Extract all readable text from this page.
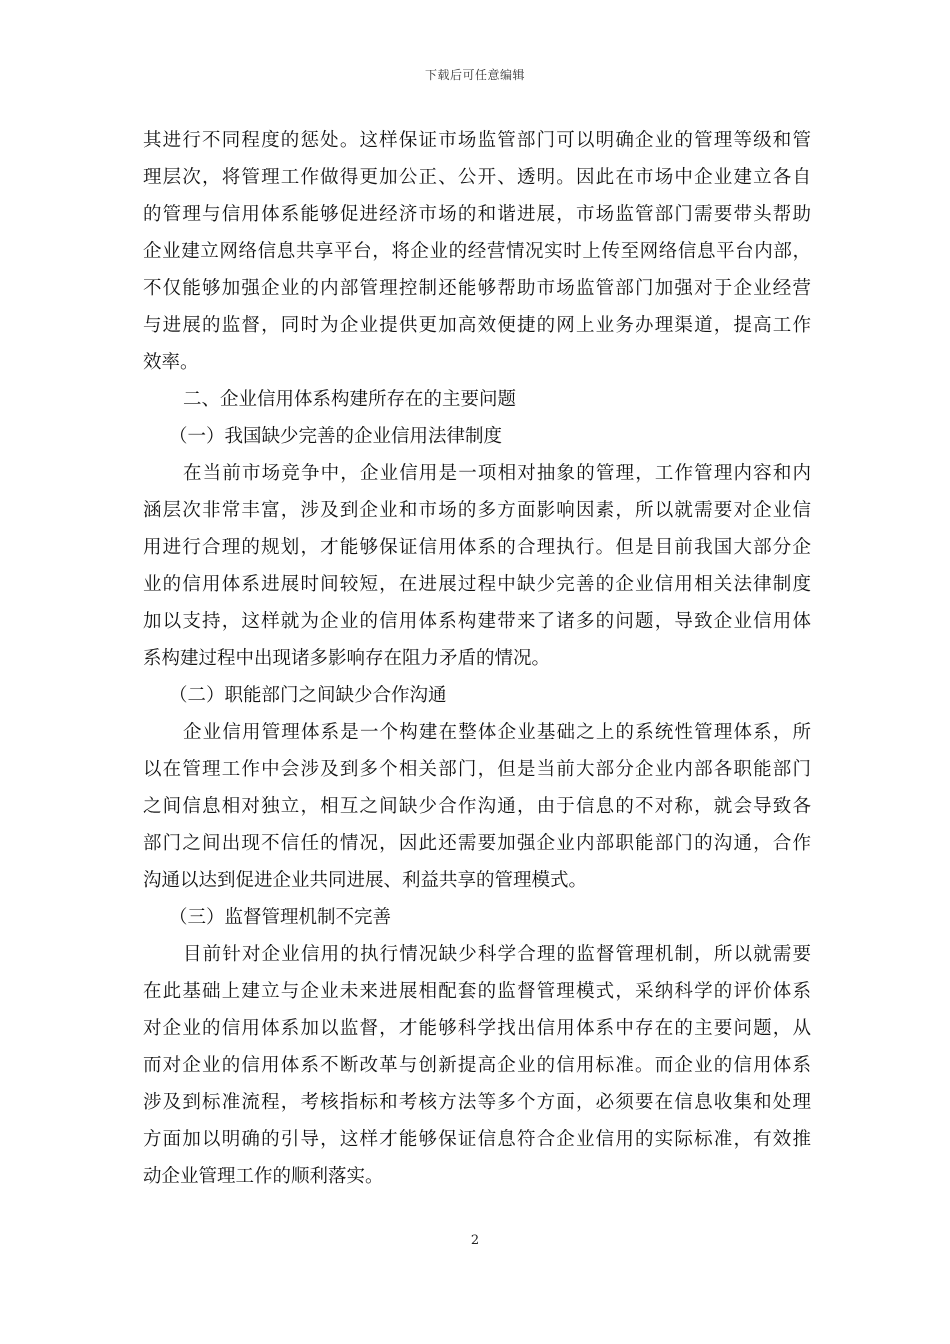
下载后可任意编辑
其进行不同程度的惩处。这样保证市场监管部门可以明确企业的管理等级和管
理层次，将管理工作做得更加公正、公开、透明。因此在市场中企业建立各自
的管理与信用体系能够促进经济市场的和谐进展，市场监管部门需要带头帮助
企业建立网络信息共享平台，将企业的经营情况实时上传至网络信息平台内部，
不仅能够加强企业的内部管理控制还能够帮助市场监管部门加强对于企业经营
与进展的监督，同时为企业提供更加高效便捷的网上业务办理渠道，提高工作
效率。
二、企业信用体系构建所存在的主要问题
（一）我国缺少完善的企业信用法律制度
在当前市场竞争中，企业信用是一项相对抽象的管理，工作管理内容和内
涵层次非常丰富，涉及到企业和市场的多方面影响因素，所以就需要对企业信
用进行合理的规划，才能够保证信用体系的合理执行。但是目前我国大部分企
业的信用体系进展时间较短，在进展过程中缺少完善的企业信用相关法律制度
加以支持，这样就为企业的信用体系构建带来了诸多的问题，导致企业信用体
系构建过程中出现诸多影响存在阻力矛盾的情况。
（二）职能部门之间缺少合作沟通
企业信用管理体系是一个构建在整体企业基础之上的系统性管理体系，所
以在管理工作中会涉及到多个相关部门，但是当前大部分企业内部各职能部门
之间信息相对独立，相互之间缺少合作沟通，由于信息的不对称，就会导致各
部门之间出现不信任的情况，因此还需要加强企业内部职能部门的沟通，合作
沟通以达到促进企业共同进展、利益共享的管理模式。
（三）监督管理机制不完善
目前针对企业信用的执行情况缺少科学合理的监督管理机制，所以就需要
在此基础上建立与企业未来进展相配套的监督管理模式，采纳科学的评价体系
对企业的信用体系加以监督，才能够科学找出信用体系中存在的主要问题，从
而对企业的信用体系不断改革与创新提高企业的信用标准。而企业的信用体系
涉及到标准流程，考核指标和考核方法等多个方面，必须要在信息收集和处理
方面加以明确的引导，这样才能够保证信息符合企业信用的实际标准，有效推
动企业管理工作的顺利落实。
2
